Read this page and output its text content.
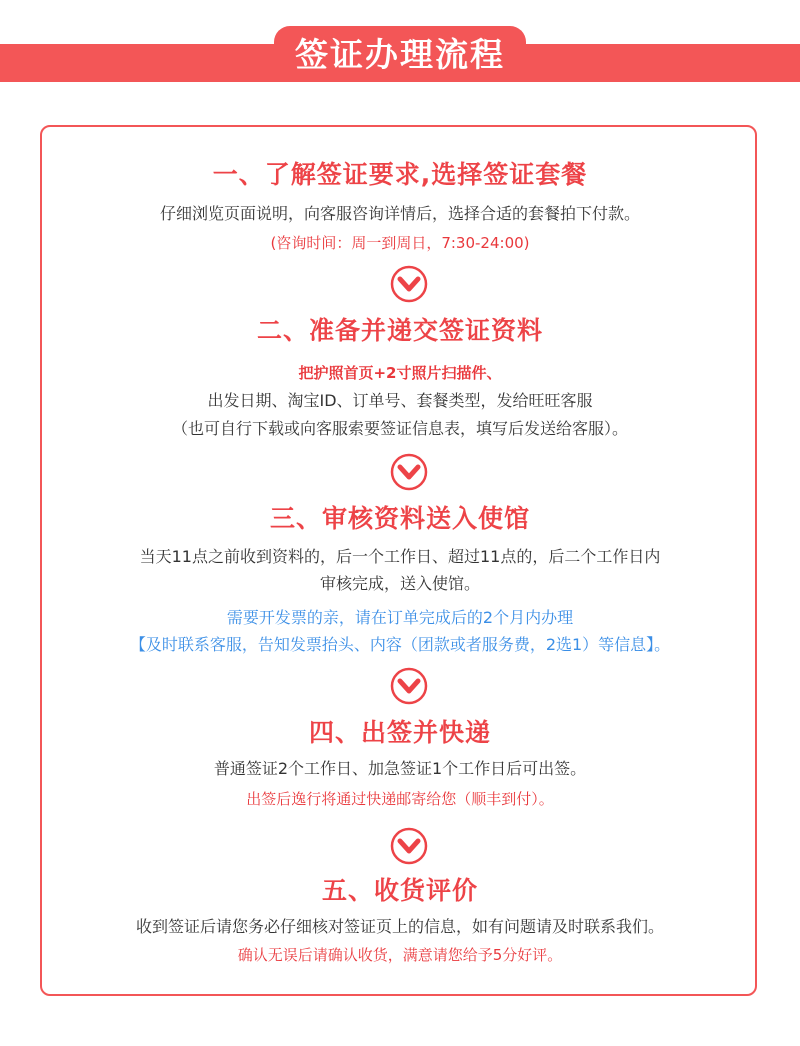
签证办理流程
一、了解签证要求,选择签证套餐
仔细浏览页面说明，向客服咨询详情后，选择合适的套餐拍下付款。
(咨询时间：周一到周日，7:30-24:00)
二、准备并递交签证资料
把护照首页+2寸照片扫描件、
出发日期、淘宝ID、订单号、套餐类型，发给旺旺客服
（也可自行下载或向客服索要签证信息表，填写后发送给客服）。
三、审核资料送入使馆
当天11点之前收到资料的，后一个工作日、超过11点的，后二个工作日内
审核完成，送入使馆。
需要开发票的亲，请在订单完成后的2个月内办理
【及时联系客服，告知发票抬头、内容（团款或者服务费，2选1）等信息】。
四、出签并快递
普通签证2个工作日、加急签证1个工作日后可出签。
出签后逸行将通过快递邮寄给您（顺丰到付）。
五、收货评价
收到签证后请您务必仔细核对签证页上的信息，如有问题请及时联系我们。
确认无误后请确认收货，满意请您给予5分好评。
